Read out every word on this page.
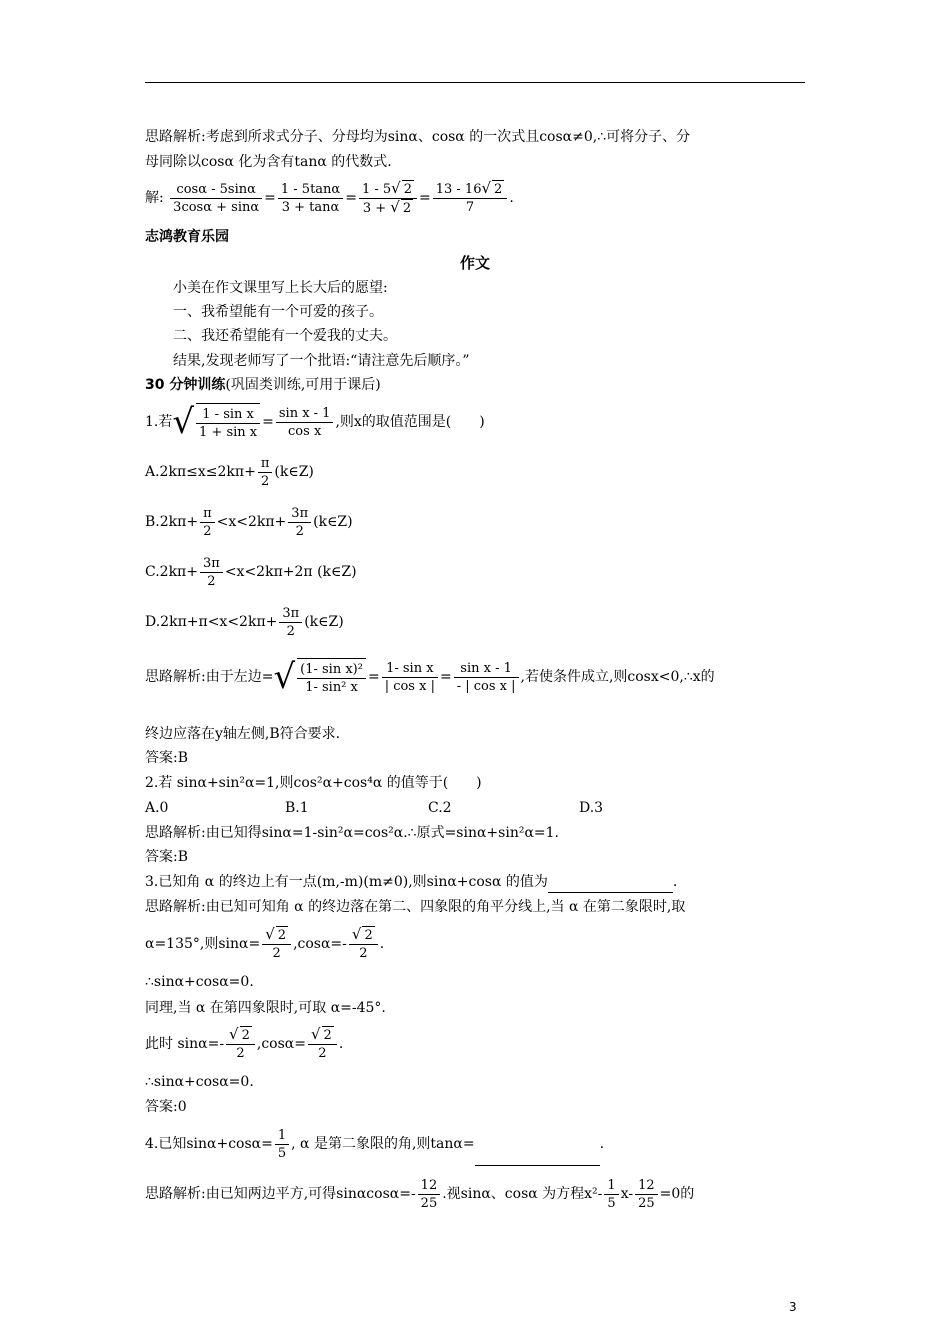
思路解析:考虑到所求式分子、分母均为sinα、cosα 的一次式且cosα≠0,∴可将分子、分
母同除以cosα 化为含有tanα 的代数式.
解: $\frac{\cos\alpha - 5\sin\alpha}{3\cos\alpha + \sin\alpha} = \frac{1 - 5\tan\alpha}{3 + \tan\alpha} = \frac{1 - 5√ 2}{3 + √ 2} = \frac{13 - 16√ 2}{7}$ .
志鸿教育乐园
作文
小美在作文课里写上长大后的愿望:
一、我希望能有一个可爱的孩子。
二、我还希望能有一个爱我的丈夫。
结果,发现老师写了一个批语:“请注意先后顺序。”
30 分钟训练(巩固类训练,可用于课后)
1.若√ $\frac{\text{1 - sin x}}{\text{1 + sin x}} = \frac{\text{sin x - 1}}{\text{cos x}}$ ,则x的取值范围是(　　)
$A.2k\pi\le x\le 2k\pi+ \frac{\pi}{2}$ (k∈Z)
$B.2k\pi+ \frac{\pi}{2} <x<2k\pi+ \frac{3\pi}{2}$ (k∈Z)
$C.2k\pi+ \frac{3\pi}{2} <x<2k\pi+2\pi$ (k∈Z)
$D.2k\pi+\pi<x<2k\pi+ \frac{3\pi}{2}$ (k∈Z)
思路解析:由于左边=√ $\frac{\text{(1- sin x)²}}{\text{1- sin² x}} = \frac{\text{1- sin x}}{\text{| cos x |}} = \frac{\text{sin x - 1}}{\text{- | cos x |}}$ ,若使条件成立,则cosx<0,∴x的
终边应落在y轴左侧,B符合要求.
答案:B
2.若 sinα+sin²α=1,则cos²α+cos⁴α 的值等于(　　)
A.0	B.1	C.2	D.3
思路解析:由已知得sinα=1-sin²α=cos²α.∴原式=sinα+sin²α=1.
答案:B
3.已知角 α 的终边上有一点(m,-m)(m≠0),则sinα+cosα 的值为	.
思路解析:由已知可知角 α 的终边落在第二、四象限的角平分线上,当 α 在第二象限时,取
α=135°,则$\sin\alpha= \frac{√ 2}{2} ,\cos\alpha=- \frac{√ 2}{2}$ .
∴sinα+cosα=0.
同理,当 α 在第四象限时,可取 α=-45°.
此时 $\sin\alpha=- \frac{√ 2}{2} ,\cos\alpha= \frac{√ 2}{2}$ .
∴sinα+cosα=0.
答案:0
4.已知$\sin\alpha+\cos\alpha= \frac{1}{5}$ , α 是第二象限的角,则tanα=	.
思路解析:由已知两边平方,可得$\sin\alpha\cos\alpha=- \frac{12}{25}$ .视sinα、cosα 为方程$x^2- \frac{1}{5} x- \frac{12}{25} =0$的
3
